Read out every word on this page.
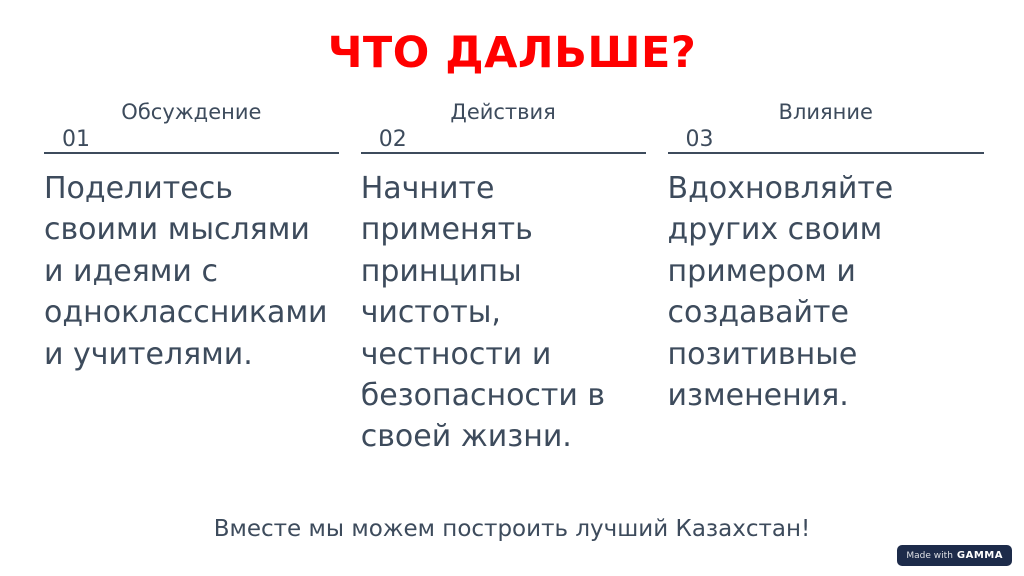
ЧТО ДАЛЬШЕ?
Обсуждение
01
Поделитесь своими мыслями и идеями с одноклассниками и учителями.
Действия
02
Начните применять принципы чистоты, честности и безопасности в своей жизни.
Влияние
03
Вдохновляйте других своим примером и создавайте позитивные изменения.
Вместе мы можем построить лучший Казахстан!
Made with GAMMA
